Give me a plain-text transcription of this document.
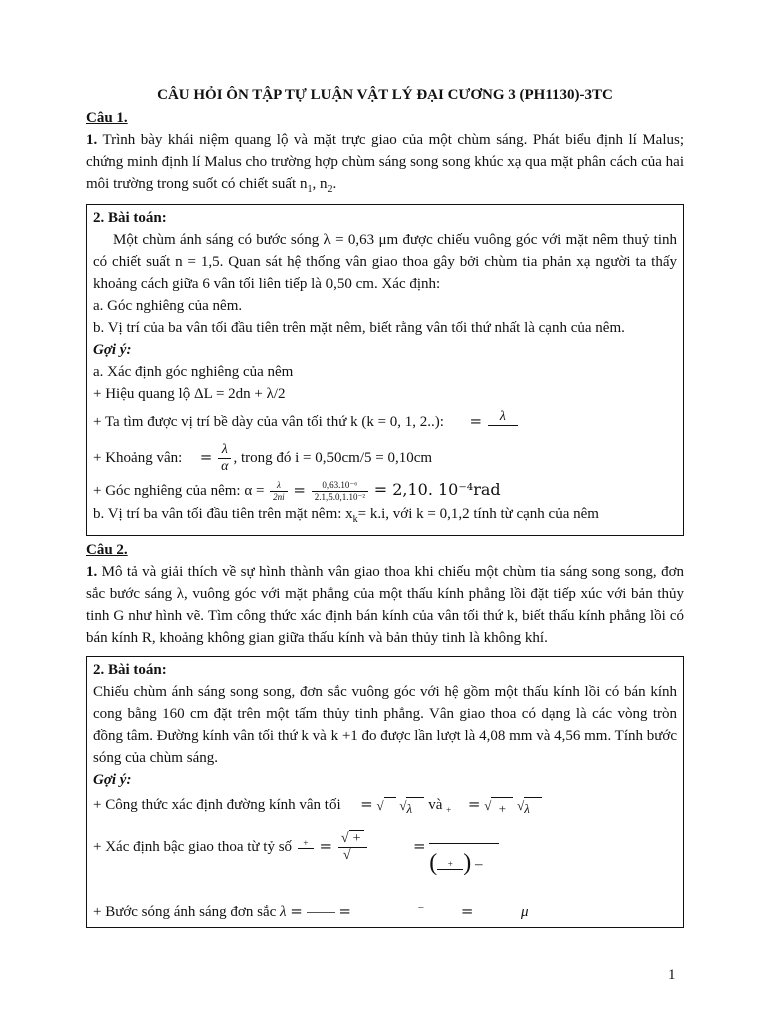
CÂU HỎI ÔN TẬP TỰ LUẬN VẬT LÝ ĐẠI CƯƠNG 3 (PH1130)-3TC

Câu 1.

1. Trình bày khái niệm quang lộ và mặt trực giao của một chùm sáng. Phát biểu định lí Malus; chứng minh định lí Malus cho trường hợp chùm sáng song song khúc xạ qua mặt phân cách của hai môi trường trong suốt có chiết suất $n_1$, $n_2$.

2. Bài toán:

Một chùm ánh sáng có bước sóng λ = 0,63 μm được chiếu vuông góc với mặt nêm thuỷ tinh có chiết suất n = 1,5. Quan sát hệ thống vân giao thoa gây bởi chùm tia phản xạ người ta thấy khoảng cách giữa 6 vân tối liên tiếp là 0,50 cm. Xác định:

a. Góc nghiêng của nêm.

b. Vị trí của ba vân tối đầu tiên trên mặt nêm, biết rằng vân tối thứ nhất là cạnh của nêm.

Gợi ý:

a. Xác định góc nghiêng của nêm

+ Hiệu quang lộ ΔL = 2dn + λ/2

+ Ta tìm được vị trí bề dày của vân tối thứ k (k = 0, 1, 2..): =	λ

+ Khoảng vân: = $\frac{\lambda}{\alpha}$ , trong đó i = 0,50cm/5 = 0,10cm

+ Góc nghiêng của nêm: $\alpha = \frac{\lambda}{2ni} = \frac{\text{0,63.10⁻⁶}}{\text{2.1,5.0,1.10⁻²}} = 2,10$. 10⁻⁴rad

b. Vị trí ba vân tối đầu tiên trên mặt nêm: $x_k= k.i$, với k = 0,1,2 tính từ cạnh của nêm

Câu 2.

1. Mô tả và giải thích về sự hình thành vân giao thoa khi chiếu một chùm tia sáng song song, đơn sắc bước sáng λ, vuông góc với mặt phẳng của một thấu kính phẳng lồi đặt tiếp xúc với bản thủy tinh G như hình vẽ. Tìm công thức xác định bán kính của vân tối thứ k, biết thấu kính phẳng lồi có bán kính R, khoảng không gian giữa thấu kính và bản thủy tinh là không khí.

2. Bài toán:

Chiếu chùm ánh sáng song song, đơn sắc vuông góc với hệ gồm một thấu kính lồi có bán kính cong bằng 160 cm đặt trên một tấm thủy tinh phẳng. Vân giao thoa có dạng là các vòng tròn đồng tâm. Đường kính vân tối thứ k và k +1 đo được lần lượt là 4,08 mm và 4,56 mm. Tính bước sóng của chùm sáng.

Gợi ý:

+ Công thức xác định đường kính vân tối = √ √λ và + = √ + √λ

+ Xác định bậc giao thoa từ tỷ số	+ = $\frac{√ +}{√}$	=
( + ) –

+ Bước sóng ánh sáng đơn sắc λ = =	–	=	μ

1
